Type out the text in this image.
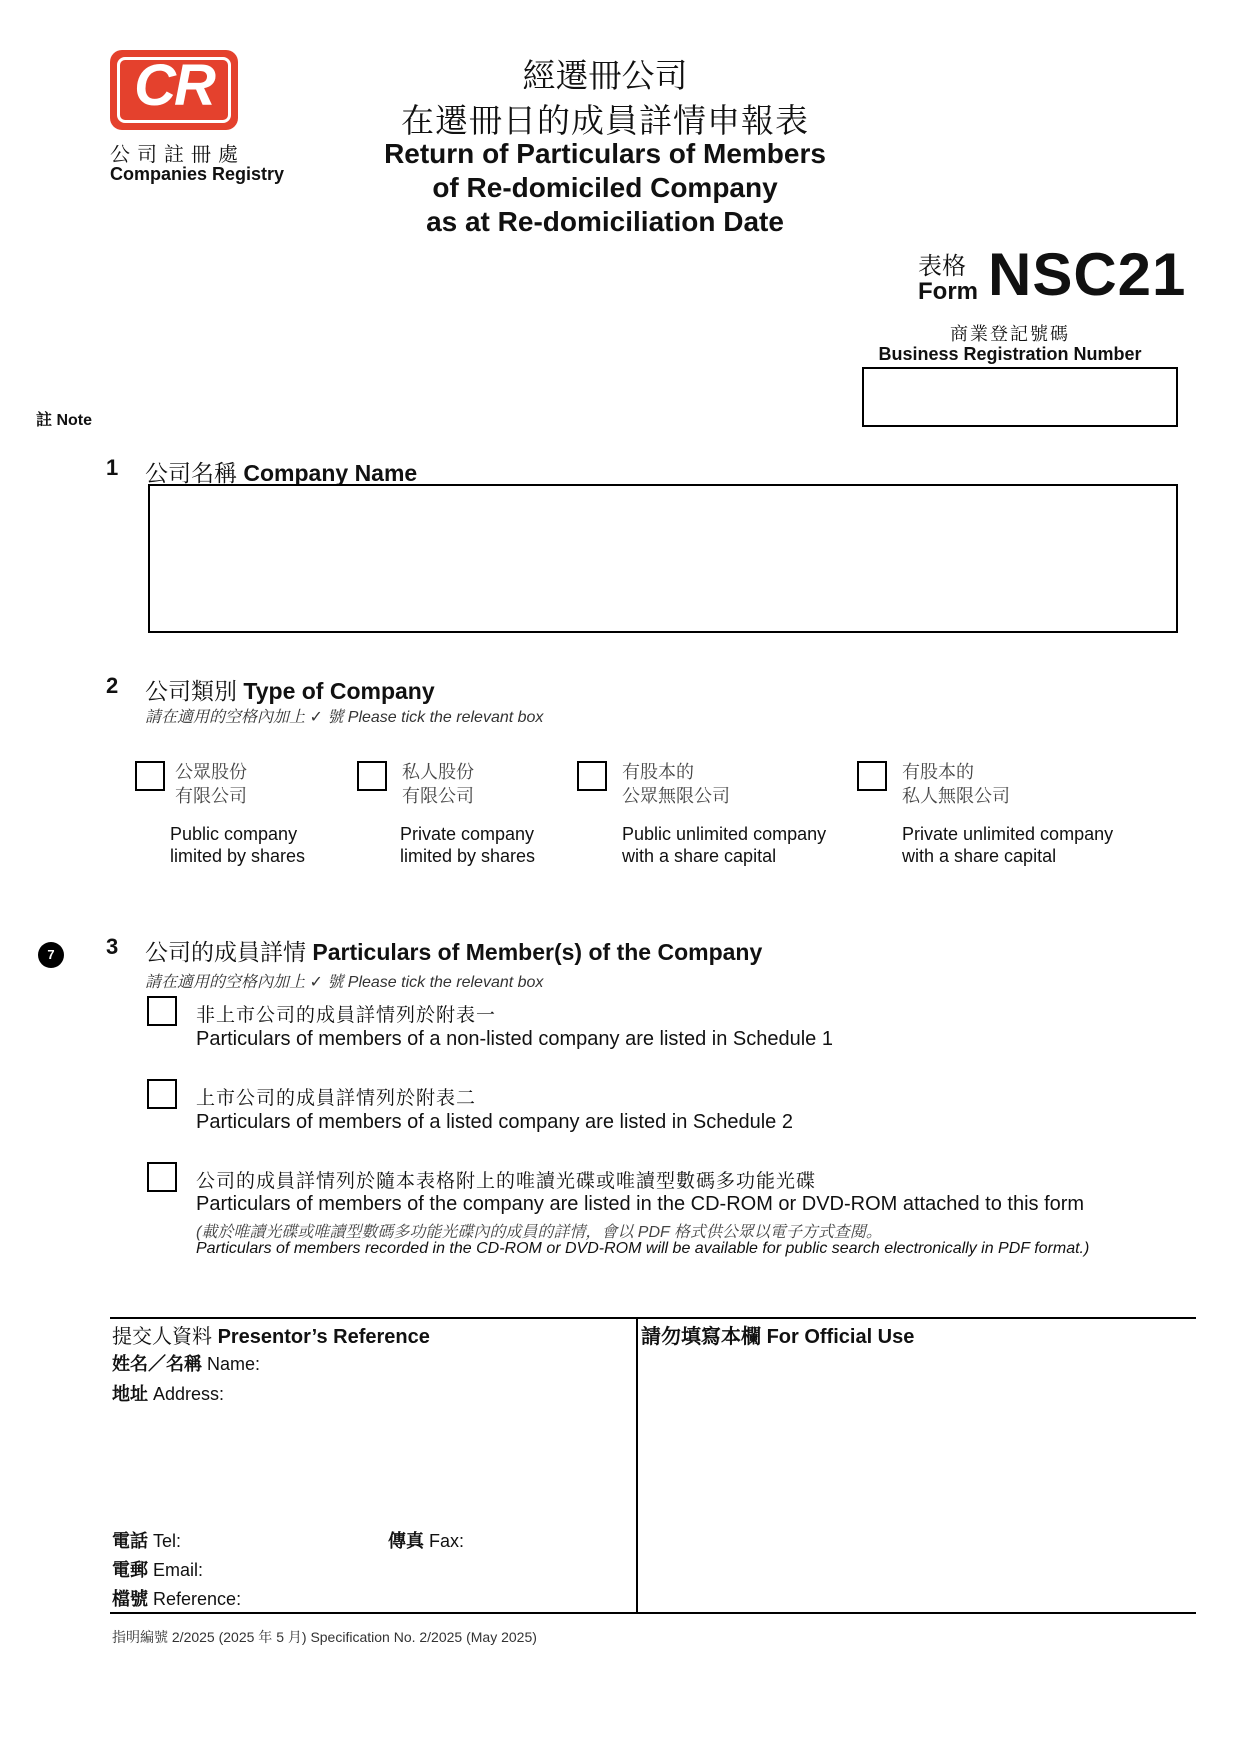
CR
公司註冊處
Companies Registry
經遷冊公司
在遷冊日的成員詳情申報表
Return of Particulars of Members
of Re-domiciled Company
as at Re-domiciliation Date
表格
Form NSC21
商業登記號碼
Business Registration Number
註 Note
1 公司名稱 Company Name
2 公司類別 Type of Company
請在適用的空格內加上 ✓ 號 Please tick the relevant box
公眾股份
有限公司
Public company
limited by shares
私人股份
有限公司
Private company
limited by shares
有股本的
公眾無限公司
Public unlimited company
with a share capital
有股本的
私人無限公司
Private unlimited company
with a share capital
7	3 公司的成員詳情 Particulars of Member(s) of the Company
請在適用的空格內加上 ✓ 號 Please tick the relevant box
非上市公司的成員詳情列於附表一
Particulars of members of a non-listed company are listed in Schedule 1
上市公司的成員詳情列於附表二
Particulars of members of a listed company are listed in Schedule 2
公司的成員詳情列於隨本表格附上的唯讀光碟或唯讀型數碼多功能光碟
Particulars of members of the company are listed in the CD-ROM or DVD-ROM attached to this form
(載於唯讀光碟或唯讀型數碼多功能光碟內的成員的詳情，會以 PDF 格式供公眾以電子方式查閱。
Particulars of members recorded in the CD-ROM or DVD-ROM will be available for public search electronically in PDF format.)
提交人資料 Presentor’s Reference
姓名／名稱 Name:
地址 Address:
電話 Tel:	傳真 Fax:
電郵 Email:
檔號 Reference:
請勿填寫本欄 For Official Use
指明編號 2/2025 (2025 年 5 月) Specification No. 2/2025 (May 2025)
